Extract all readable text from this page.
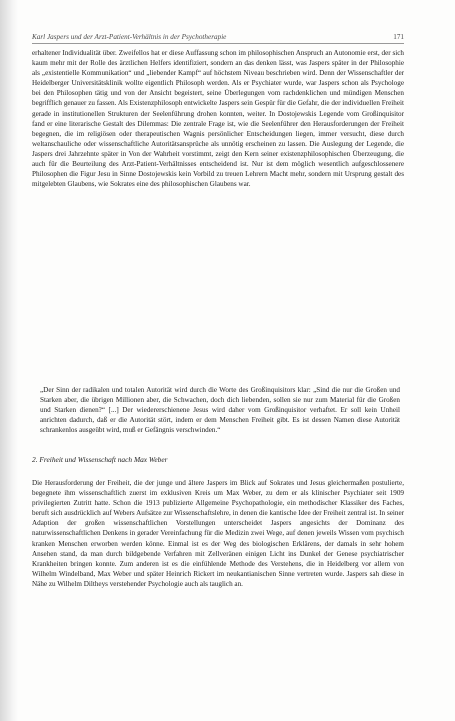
Karl Jaspers und der Arzt-Patient-Verhältnis in der Psychotherapie	171
erhaltener Individualität über. Zweifellos hat er diese Auffassung schon im philosophischen Anspruch an Autonomie erst, der sich kaum mehr mit der Rolle des ärztlichen Helfers identifiziert, sondern an das denken lässt, was Jaspers später in der Philosophie als „existentielle Kommunikation“ und „liebender Kampf“ auf höchstem Niveau beschrieben wird. Denn der Wissenschaftler der Heidelberger Universitätsklinik wollte eigentlich Philosoph werden. Als er Psychiater wurde, war Jaspers schon als Psychologe bei den Philosophen tätig und von der Ansicht begeistert, seine Überlegungen vom rachdenklichen und mündigen Menschen begrifflich genauer zu fassen. Als Existenzphilosoph entwickelte Jaspers sein Gespür für die Gefahr, die der individuellen Freiheit gerade in institutionellen Strukturen der Seelenführung drohen konnten, weiter. In Dostojewskis Legende vom Großinquisitor fand er eine literarische Gestalt des Dilemmas: Die zentrale Frage ist, wie die Seelenführer den Herausforderungen der Freiheit begegnen, die im religiösen oder therapeutischen Wagnis persönlicher Entscheidungen liegen, immer versucht, diese durch weltanschauliche oder wissenschaftliche Autoritätsansprüche als unnötig erscheinen zu lassen. Die Auslegung der Legende, die Jaspers drei Jahrzehnte später in Von der Wahrheit vorstimmt, zeigt den Kern seiner existenzphilosophischen Überzeugung, die auch für die Beurteilung des Arzt-Patient-Verhältnisses entscheidend ist. Nur ist dem möglich wesentlich aufgeschlossenere Philosophen die Figur Jesu in Sinne Dostojewskis kein Vorbild zu treuen Lehrern Macht mehr, sondern mit Ursprung gestalt des mitgelebten Glaubens, wie Sokrates eine des philosophischen Glaubens war.
„Der Sinn der radikalen und totalen Autorität wird durch die Worte des Großinquisitors klar: „Sind die nur die Großen und Starken aber, die übrigen Millionen aber, die Schwachen, doch dich liebenden, sollen sie nur zum Material für die Großen und Starken dienen?“ [...] Der wiedererschienene Jesus wird daher vom Großinquisitor verhaftet. Er soll kein Unheil anrichten dadurch, daß er die Autorität stört, indem er dem Menschen Freiheit gibt. Es ist dessen Namen diese Autorität schrankenlos ausgeübt wird, muß er Gefängnis verschwinden.“
2. Freiheit und Wissenschaft nach Max Weber
Die Herausforderung der Freiheit, die der junge und ältere Jaspers im Blick auf Sokrates und Jesus gleichermaßen postulierte, begegnete ihm wissenschaftlich zuerst im exklusiven Kreis um Max Weber, zu dem er als klinischer Psychiater seit 1909 privilegierten Zutritt hatte. Schon die 1913 publizierte Allgemeine Psychopathologie, ein methodischer Klassiker des Faches, beruft sich ausdrücklich auf Webers Aufsätze zur Wissenschaftslehre, in denen die kantische Idee der Freiheit zentral ist. In seiner Adaption der großen wissenschaftlichen Vorstellungen unterscheidet Jaspers angesichts der Dominanz des naturwissenschaftlichen Denkens in gerader Vereinfachung für die Medizin zwei Wege, auf denen jeweils Wissen vom psychisch kranken Menschen erworben werden könne. Einmal ist es der Weg des biologischen Erklärens, der damals in sehr hohem Ansehen stand, da man durch bildgebende Verfahren mit Zellveränen einigen Licht ins Dunkel der Genese psychiatrischer Krankheiten bringen konnte. Zum anderen ist es die einfühlende Methode des Verstehens, die in Heidelberg vor allem von Wilhelm Windelband, Max Weber und später Heinrich Rickert im neukantianischen Sinne vertreten wurde. Jaspers sah diese in Nähe zu Wilhelm Diltheys verstehender Psychologie auch als tauglich an.
